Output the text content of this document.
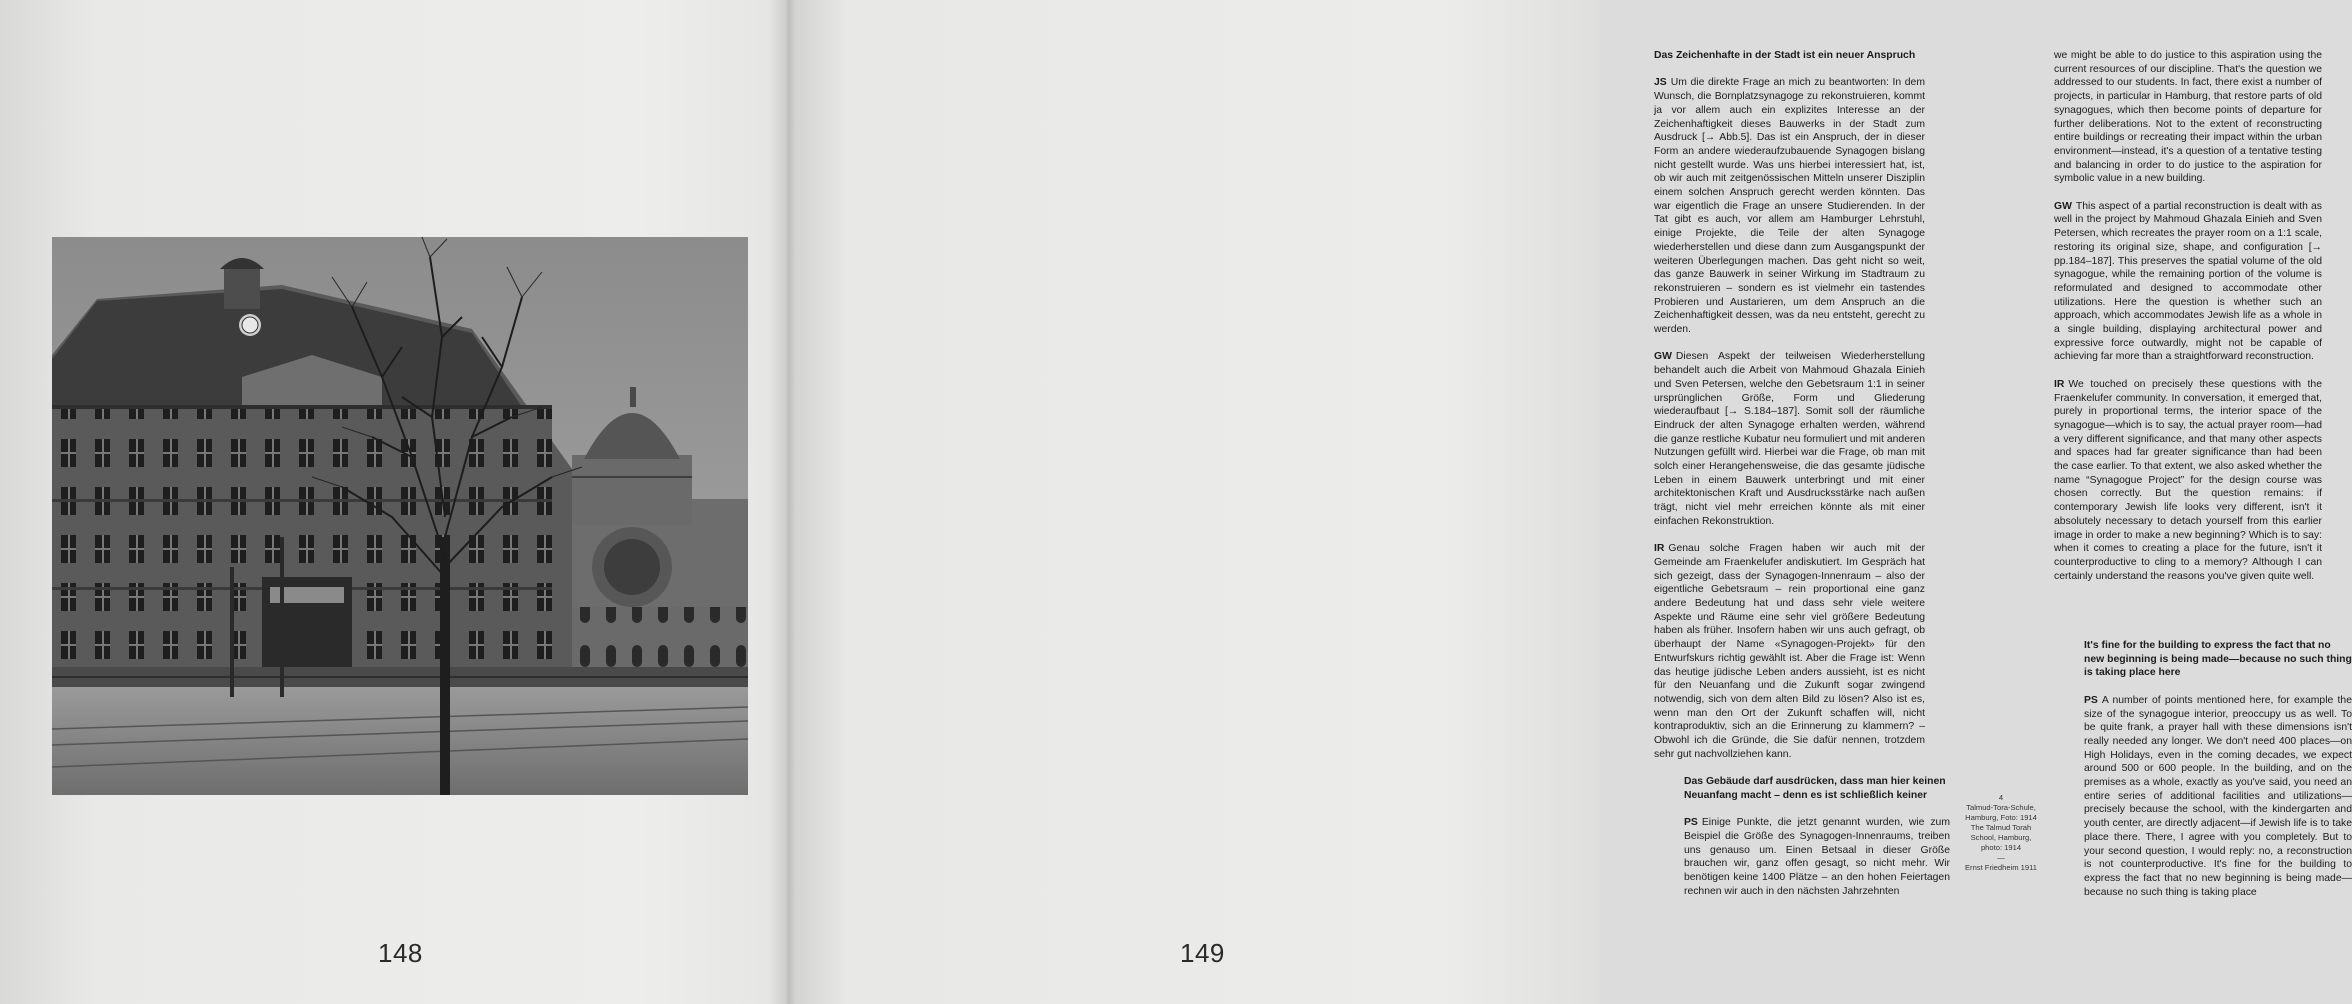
148

Das Zeichenhafte in der Stadt ist ein neuer Anspruch

JS Um die direkte Frage an mich zu beantworten: In dem Wunsch, die Bornplatzsynagoge zu rekonstruieren, kommt ja vor allem auch ein explizites Interesse an der Zeichenhaftigkeit dieses Bauwerks in der Stadt zum Ausdruck [→ Abb.5]. Das ist ein Anspruch, der in dieser Form an andere wiederaufzubauende Synagogen bislang nicht gestellt wurde. Was uns hierbei interessiert hat, ist, ob wir auch mit zeitgenössischen Mitteln unserer Disziplin einem solchen Anspruch gerecht werden könnten. Das war eigentlich die Frage an unsere Studierenden. In der Tat gibt es auch, vor allem am Hamburger Lehrstuhl, einige Projekte, die Teile der alten Synagoge wiederherstellen und diese dann zum Ausgangspunkt der weiteren Überlegungen machen. Das geht nicht so weit, das ganze Bauwerk in seiner Wirkung im Stadtraum zu rekonstruieren – sondern es ist vielmehr ein tastendes Probieren und Austarieren, um dem Anspruch an die Zeichenhaftigkeit dessen, was da neu entsteht, gerecht zu werden.

GW Diesen Aspekt der teilweisen Wiederherstellung behandelt auch die Arbeit von Mahmoud Ghazala Einieh und Sven Petersen, welche den Gebetsraum 1:1 in seiner ursprünglichen Größe, Form und Gliederung wiederaufbaut [→ S.184–187]. Somit soll der räumliche Eindruck der alten Synagoge erhalten werden, während die ganze restliche Kubatur neu formuliert und mit anderen Nutzungen gefüllt wird. Hierbei war die Frage, ob man mit solch einer Herangehensweise, die das gesamte jüdische Leben in einem Bauwerk unterbringt und mit einer architektonischen Kraft und Ausdrucksstärke nach außen trägt, nicht viel mehr erreichen könnte als mit einer einfachen Rekonstruktion.

IR Genau solche Fragen haben wir auch mit der Gemeinde am Fraenkelufer andiskutiert. Im Gespräch hat sich gezeigt, dass der Synagogen-Innenraum – also der eigentliche Gebetsraum – rein proportional eine ganz andere Bedeutung hat und dass sehr viele weitere Aspekte und Räume eine sehr viel größere Bedeutung haben als früher. Insofern haben wir uns auch gefragt, ob überhaupt der Name «Synagogen-Projekt» für den Entwurfskurs richtig gewählt ist. Aber die Frage ist: Wenn das heutige jüdische Leben anders aussieht, ist es nicht für den Neuanfang und die Zukunft sogar zwingend notwendig, sich von dem alten Bild zu lösen? Also ist es, wenn man den Ort der Zukunft schaffen will, nicht kontraproduktiv, sich an die Erinnerung zu klammern? – Obwohl ich die Gründe, die Sie dafür nennen, trotzdem sehr gut nachvollziehen kann.

Das Gebäude darf ausdrücken, dass man hier keinen Neuanfang macht – denn es ist schließlich keiner

PS Einige Punkte, die jetzt genannt wurden, wie zum Beispiel die Größe des Synagogen-Innenraums, treiben uns genauso um. Einen Betsaal in dieser Größe brauchen wir, ganz offen gesagt, so nicht mehr. Wir benötigen keine 1400 Plätze – an den hohen Feiertagen rechnen wir auch in den nächsten Jahrzehnten

4
Talmud-Tora-Schule, Hamburg, Foto: 1914
The Talmud Torah School, Hamburg, photo: 1914
—
Ernst Friedheim 1911

we might be able to do justice to this aspiration using the current resources of our discipline. That's the question we addressed to our students. In fact, there exist a number of projects, in particular in Hamburg, that restore parts of old synagogues, which then become points of departure for further deliberations. Not to the extent of reconstructing entire buildings or recreating their impact within the urban environment—instead, it's a question of a tentative testing and balancing in order to do justice to the aspiration for symbolic value in a new building.

GW This aspect of a partial reconstruction is dealt with as well in the project by Mahmoud Ghazala Einieh and Sven Petersen, which recreates the prayer room on a 1:1 scale, restoring its original size, shape, and configuration [→ pp.184–187]. This preserves the spatial volume of the old synagogue, while the remaining portion of the volume is reformulated and designed to accommodate other utilizations. Here the question is whether such an approach, which accommodates Jewish life as a whole in a single building, displaying architectural power and expressive force outwardly, might not be capable of achieving far more than a straightforward reconstruction.

IR We touched on precisely these questions with the Fraenkelufer community. In conversation, it emerged that, purely in proportional terms, the interior space of the synagogue—which is to say, the actual prayer room—had a very different significance, and that many other aspects and spaces had far greater significance than had been the case earlier. To that extent, we also asked whether the name “Synagogue Project” for the design course was chosen correctly. But the question remains: if contemporary Jewish life looks very different, isn't it absolutely necessary to detach yourself from this earlier image in order to make a new beginning? Which is to say: when it comes to creating a place for the future, isn't it counterproductive to cling to a memory? Although I can certainly understand the reasons you've given quite well.

It's fine for the building to express the fact that no new beginning is being made—because no such thing is taking place here

PS A number of points mentioned here, for example the size of the synagogue interior, preoccupy us as well. To be quite frank, a prayer hall with these dimensions isn't really needed any longer. We don't need 400 places—on High Holidays, even in the coming decades, we expect around 500 or 600 people. In the building, and on the premises as a whole, exactly as you've said, you need an entire series of additional facilities and utilizations—precisely because the school, with the kindergarten and youth center, are directly adjacent—if Jewish life is to take place there. There, I agree with you completely. But to your second question, I would reply: no, a reconstruction is not counterproductive. It's fine for the building to express the fact that no new beginning is being made—because no such thing is taking place

149
